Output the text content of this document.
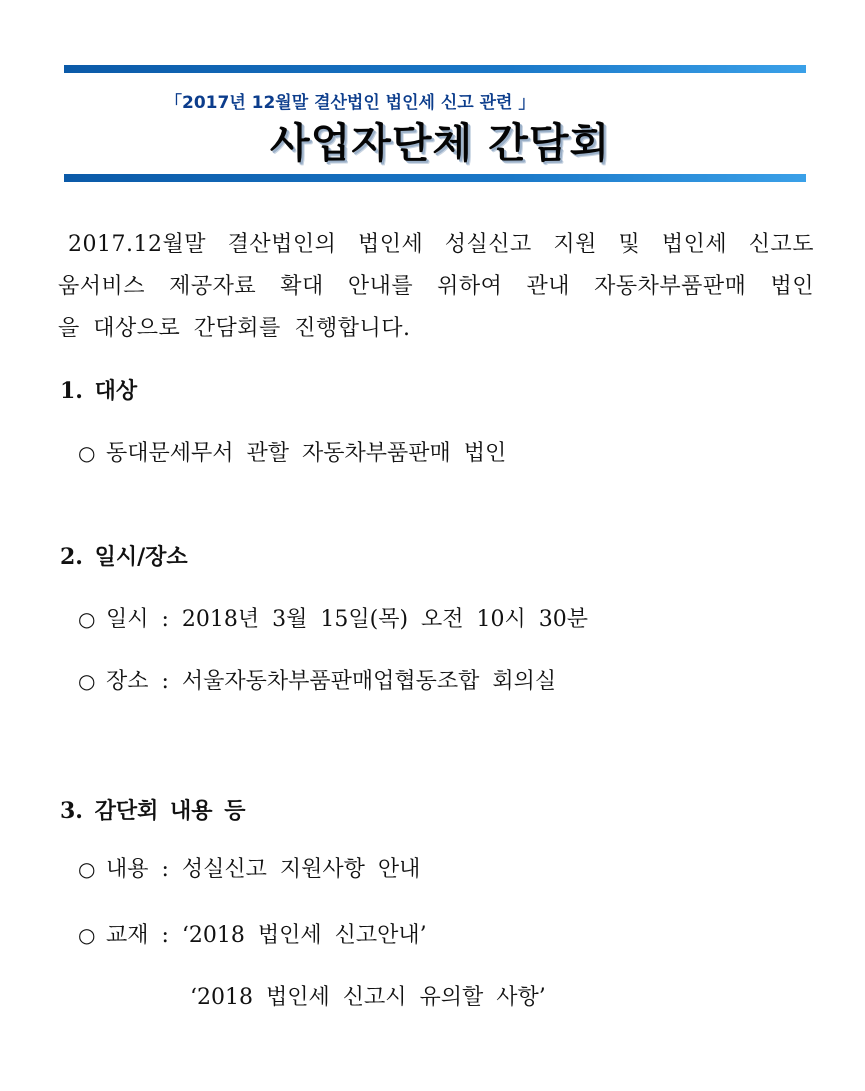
「2017년 12월말 결산법인 법인세 신고 관련 」
사업자단체 간담회
2017.12월말 결산법인의 법인세 성실신고 지원 및 법인세 신고도
움서비스 제공자료 확대 안내를 위하여 관내 자동차부품판매 법인
을 대상으로 간담회를 진행합니다.
1. 대상
○ 동대문세무서 관할 자동차부품판매 법인
2. 일시/장소
○ 일시 : 2018년 3월 15일(목) 오전 10시 30분
○ 장소 : 서울자동차부품판매업협동조합 회의실
3. 감단회 내용 등
○ 내용 : 성실신고 지원사항 안내
○ 교재 : ‘2018 법인세 신고안내’
‘2018 법인세 신고시 유의할 사항’
